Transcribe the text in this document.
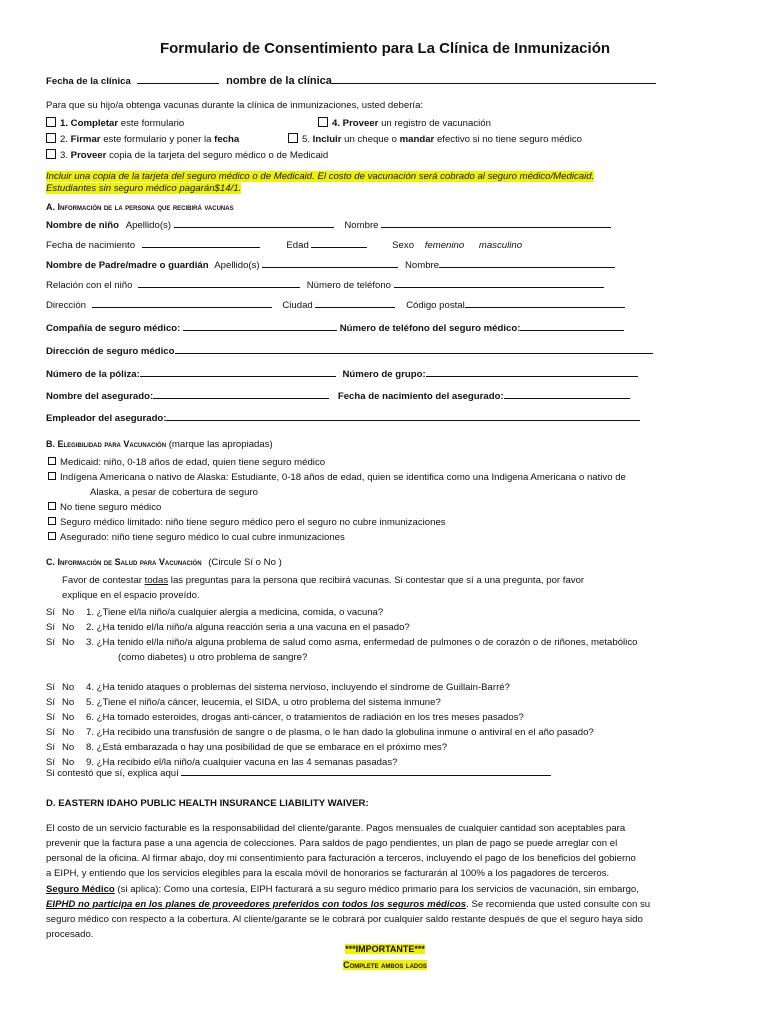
Formulario de Consentimiento para La Clínica de Inmunización
Fecha de la clínica	nombre de la clínica
Para que su hijo/a obtenga vacunas durante la clínica de inmunizaciones, usted debería:
1. Completar este formulario	4. Proveer un registro de vacunación
2. Firmar este formulario y poner la fecha	5. Incluir un cheque o mandar efectivo si no tiene seguro médico
3. Proveer copia de la tarjeta del seguro médico o de Medicaid
Incluir una copia de la tarjeta del seguro médico o de Medicaid. El costo de vacunación será cobrado al seguro médico/Medicaid.
Estudiantes sin seguro médico pagarán$14/1.
A. Información de la persona que recibirá vacunas
Nombre de niño Apellido(s)	Nombre
Fecha de nacimiento	Edad	Sexo femenino masculino
Nombre de Padre/madre o guardián Apellido(s)	Nombre
Relación con el niño	Número de teléfono
Dirección	Ciudad	Código postal
Compañía de seguro médico:	Número de teléfono del seguro médico:
Dirección de seguro médico
Número de la póliza:	Número de grupo:
Nombre del asegurado:	Fecha de nacimiento del asegurado:
Empleador del asegurado:
B. Elegibilidad para Vacunación (marque las apropiadas)
Medicaid: niño, 0-18 años de edad, quien tiene seguro médico
Indígena Americana o nativo de Alaska: Estudiante, 0-18 años de edad, quien se identifica como una Indigena Americana o nativo de
Alaska, a pesar de cobertura de seguro
No tiene seguro médico
Seguro médico limitado: niño tiene seguro médico pero el seguro no cubre inmunizaciones
Asegurado: niño tiene seguro médico lo cual cubre inmunizaciones
C. Información de Salud para Vacunación (Circule Sí o No )
Favor de contestar todas las preguntas para la persona que recibirá vacunas. Si contestar que sí a una pregunta, por favor
explique en el espacio proveído.
Sí No 1. ¿Tiene el/la niño/a cualquier alergia a medicina, comida, o vacuna?
Sí No 2. ¿Ha tenido el/la niño/a alguna reacción seria a una vacuna en el pasado?
Sí No 3. ¿Ha tenido el/la niño/a alguna problema de salud como asma, enfermedad de pulmones o de corazón o de riñones, metabólico
(como diabetes) u otro problema de sangre?
Sí No 4. ¿Ha tenido ataques o problemas del sistema nervioso, incluyendo el síndrome de Guillain-Barré?
Sí No 5. ¿Tiene el niño/a cáncer, leucemia, el SIDA, u otro problema del sistema inmune?
Sí No 6. ¿Ha tomado esteroides, drogas anti-cáncer, o tratamientos de radiación en los tres meses pasados?
Sí No 7. ¿Ha recibido una transfusión de sangre o de plasma, o le han dado la globulina inmune o antiviral en el año pasado?
Sí No 8. ¿Está embarazada o hay una posibilidad de que se embarace en el próximo mes?
Sí No 9. ¿Ha recibido el/la niño/a cualquier vacuna en las 4 semanas pasadas?
Si contestó que sí, explica aquí
D. EASTERN IDAHO PUBLIC HEALTH INSURANCE LIABILITY WAIVER:
El costo de un servicio facturable es la responsabilidad del cliente/garante. Pagos mensuales de cualquier cantidad son aceptables para
prevenir que la factura pase a una agencia de colecciones. Para saldos de pago pendientes, un plan de pago se puede arreglar con el
personal de la oficina. Al firmar abajo, doy mi consentimiento para facturación a terceros, incluyendo el pago de los beneficios del gobierno
a EIPH, y entiendo que los servicios elegibles para la escala móvil de honorarios se facturarán al 100% a los pagadores de terceros.
Seguro Médico (si aplica): Como una cortesía, EIPH facturará a su seguro médico primario para los servicios de vacunación, sin embargo,
EIPHD no participa en los planes de proveedores preferidos con todos los seguros médicos. Se recomienda que usted consulte con su
seguro médico con respecto a la cobertura. Al cliente/garante se le cobrará por cualquier saldo restante después de que el seguro haya sido
procesado.
***IMPORTANTE***
Complete ambos lados
